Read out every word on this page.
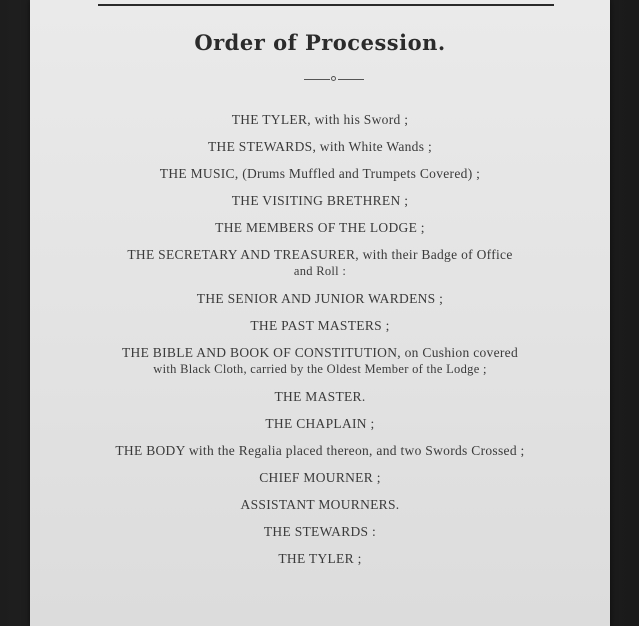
Order of Procession.
THE TYLER, with his Sword ;
THE STEWARDS, with White Wands ;
THE MUSIC, (Drums Muffled and Trumpets Covered) ;
THE VISITING BRETHREN ;
THE MEMBERS OF THE LODGE ;
THE SECRETARY AND TREASURER, with their Badge of Office
and Roll :
THE SENIOR AND JUNIOR WARDENS ;
THE PAST MASTERS ;
THE BIBLE AND BOOK OF CONSTITUTION, on Cushion covered
with Black Cloth, carried by the Oldest Member of the Lodge ;
THE MASTER.
THE CHAPLAIN ;
THE BODY with the Regalia placed thereon, and two Swords Crossed ;
CHIEF MOURNER ;
ASSISTANT MOURNERS.
THE STEWARDS :
THE TYLER ;
